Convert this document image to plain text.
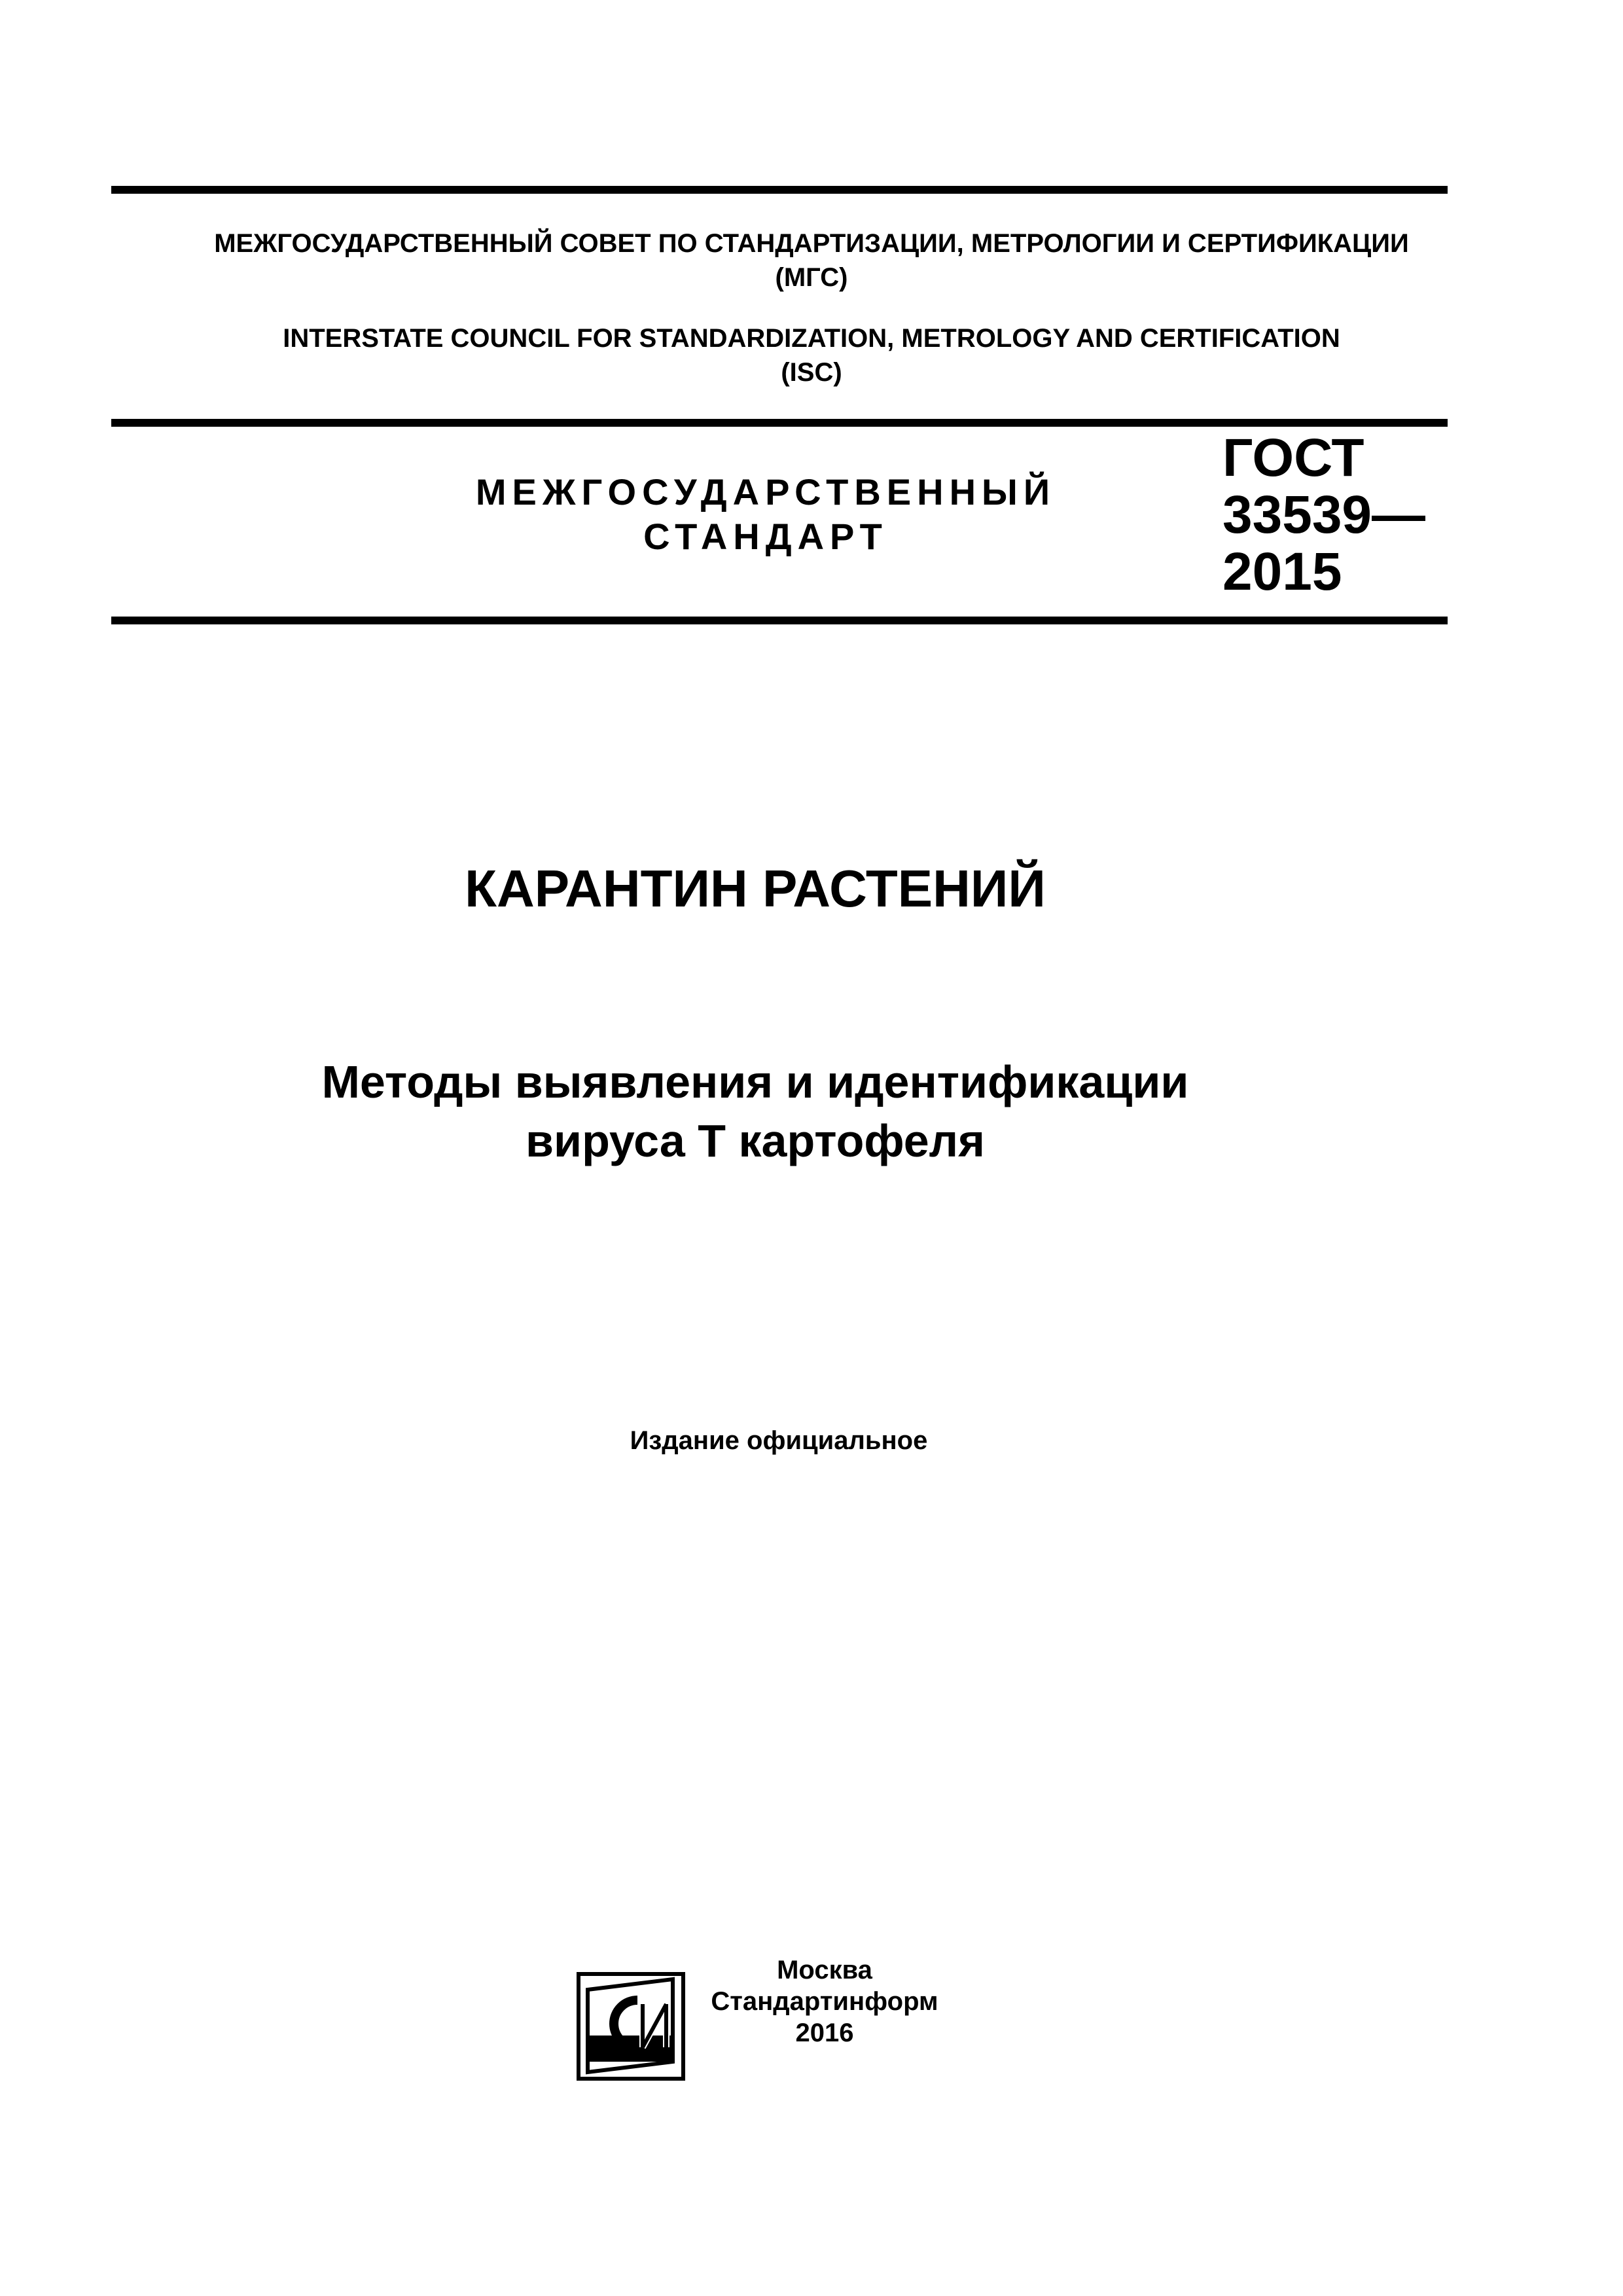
МЕЖГОСУДАРСТВЕННЫЙ СОВЕТ ПО СТАНДАРТИЗАЦИИ, МЕТРОЛОГИИ И СЕРТИФИКАЦИИ

(МГС)

INTERSTATE COUNCIL FOR STANDARDIZATION, METROLOGY AND CERTIFICATION

(ISC)

МЕЖГОСУДАРСТВЕННЫЙ
СТАНДАРТ
ГОСТ
33539—
2015

КАРАНТИН РАСТЕНИЙ

Методы выявления и идентификации

вируса Т картофеля

Издание официальное

Москва
Стандартинформ
2016
